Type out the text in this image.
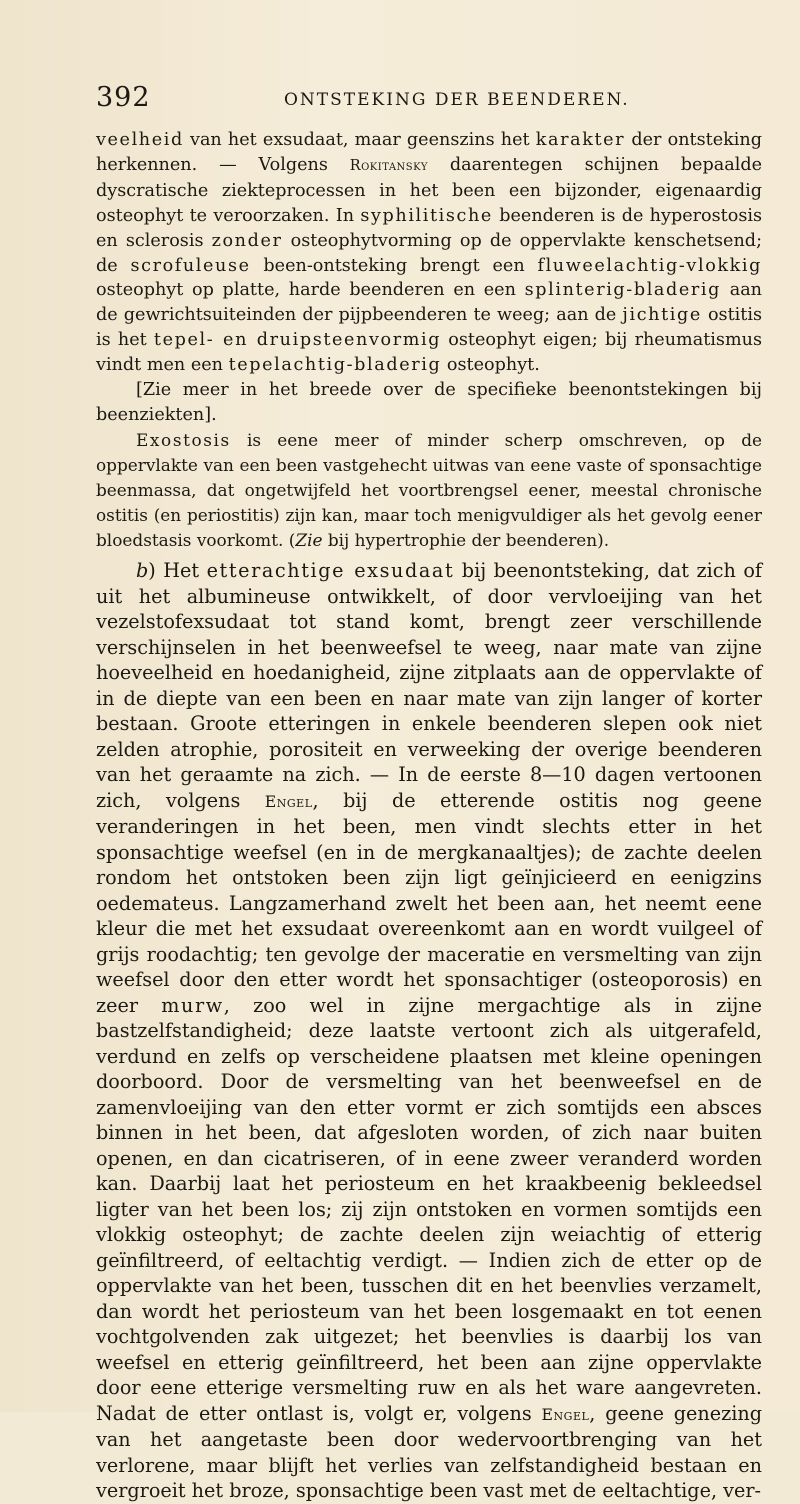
392	ONTSTEKING DER BEENDEREN.

veelheid van het exsudaat, maar geenszins het karakter der ontsteking herkennen. — Volgens Rokitansky daarentegen schijnen bepaalde dyscratische ziekteprocessen in het been een bijzonder, eigenaardig osteophyt te veroorzaken. In syphilitische beenderen is de hyperostosis en sclerosis zonder osteophytvorming op de oppervlakte kenschetsend; de scrofuleuse been-ontsteking brengt een fluweelachtig-vlokkig osteophyt op platte, harde beenderen en een splinterig-bladerig aan de gewrichtsuiteinden der pijpbeenderen te weeg; aan de jichtige ostitis is het tepel- en druipsteenvormig osteophyt eigen; bij rheumatismus vindt men een tepelachtig-bladerig osteophyt.

[Zie meer in het breede over de specifieke beenontstekingen bij beenziekten].

Exostosis is eene meer of minder scherp omschreven, op de oppervlakte van een been vastgehecht uitwas van eene vaste of sponsachtige beenmassa, dat ongetwijfeld het voortbrengsel eener, meestal chronische ostitis (en periostitis) zijn kan, maar toch menigvuldiger als het gevolg eener bloedstasis voorkomt. (Zie bij hypertrophie der beenderen).

b) Het etterachtige exsudaat bij beenontsteking, dat zich of uit het albumineuse ontwikkelt, of door vervloeijing van het vezelstofexsudaat tot stand komt, brengt zeer verschillende verschijnselen in het beenweefsel te weeg, naar mate van zijne hoeveelheid en hoedanigheid, zijne zitplaats aan de oppervlakte of in de diepte van een been en naar mate van zijn langer of korter bestaan. Groote etteringen in enkele beenderen slepen ook niet zelden atrophie, porositeit en verweeking der overige beenderen van het geraamte na zich. — In de eerste 8—10 dagen vertoonen zich, volgens Engel, bij de etterende ostitis nog geene veranderingen in het been, men vindt slechts etter in het sponsachtige weefsel (en in de mergkanaaltjes); de zachte deelen rondom het ontstoken been zijn ligt geïnjicieerd en eenigzins oedemateus. Langzamerhand zwelt het been aan, het neemt eene kleur die met het exsudaat overeenkomt aan en wordt vuilgeel of grijs roodachtig; ten gevolge der maceratie en versmelting van zijn weefsel door den etter wordt het sponsachtiger (osteoporosis) en zeer murw, zoo wel in zijne mergachtige als in zijne bastzelfstandigheid; deze laatste vertoont zich als uitgerafeld, verdund en zelfs op verscheidene plaatsen met kleine openingen doorboord. Door de versmelting van het beenweefsel en de zamenvloeijing van den etter vormt er zich somtijds een absces binnen in het been, dat afgesloten worden, of zich naar buiten openen, en dan cicatriseren, of in eene zweer veranderd worden kan. Daarbij laat het periosteum en het kraakbeenig bekleedsel ligter van het been los; zij zijn ontstoken en vormen somtijds een vlokkig osteophyt; de zachte deelen zijn weiachtig of etterig geïnfiltreerd, of eeltachtig verdigt. — Indien zich de etter op de oppervlakte van het been, tusschen dit en het beenvlies verzamelt, dan wordt het periosteum van het been losgemaakt en tot eenen vochtgolvenden zak uitgezet; het beenvlies is daarbij los van weefsel en etterig geïnfiltreerd, het been aan zijne oppervlakte door eene etterige versmelting ruw en als het ware aangevreten. Nadat de etter ontlast is, volgt er, volgens Engel, geene genezing van het aangetaste been door wedervoortbrenging van het verlorene, maar blijft het verlies van zelfstandigheid bestaan en vergroeit het broze, sponsachtige been vast met de eeltachtige, ver-
